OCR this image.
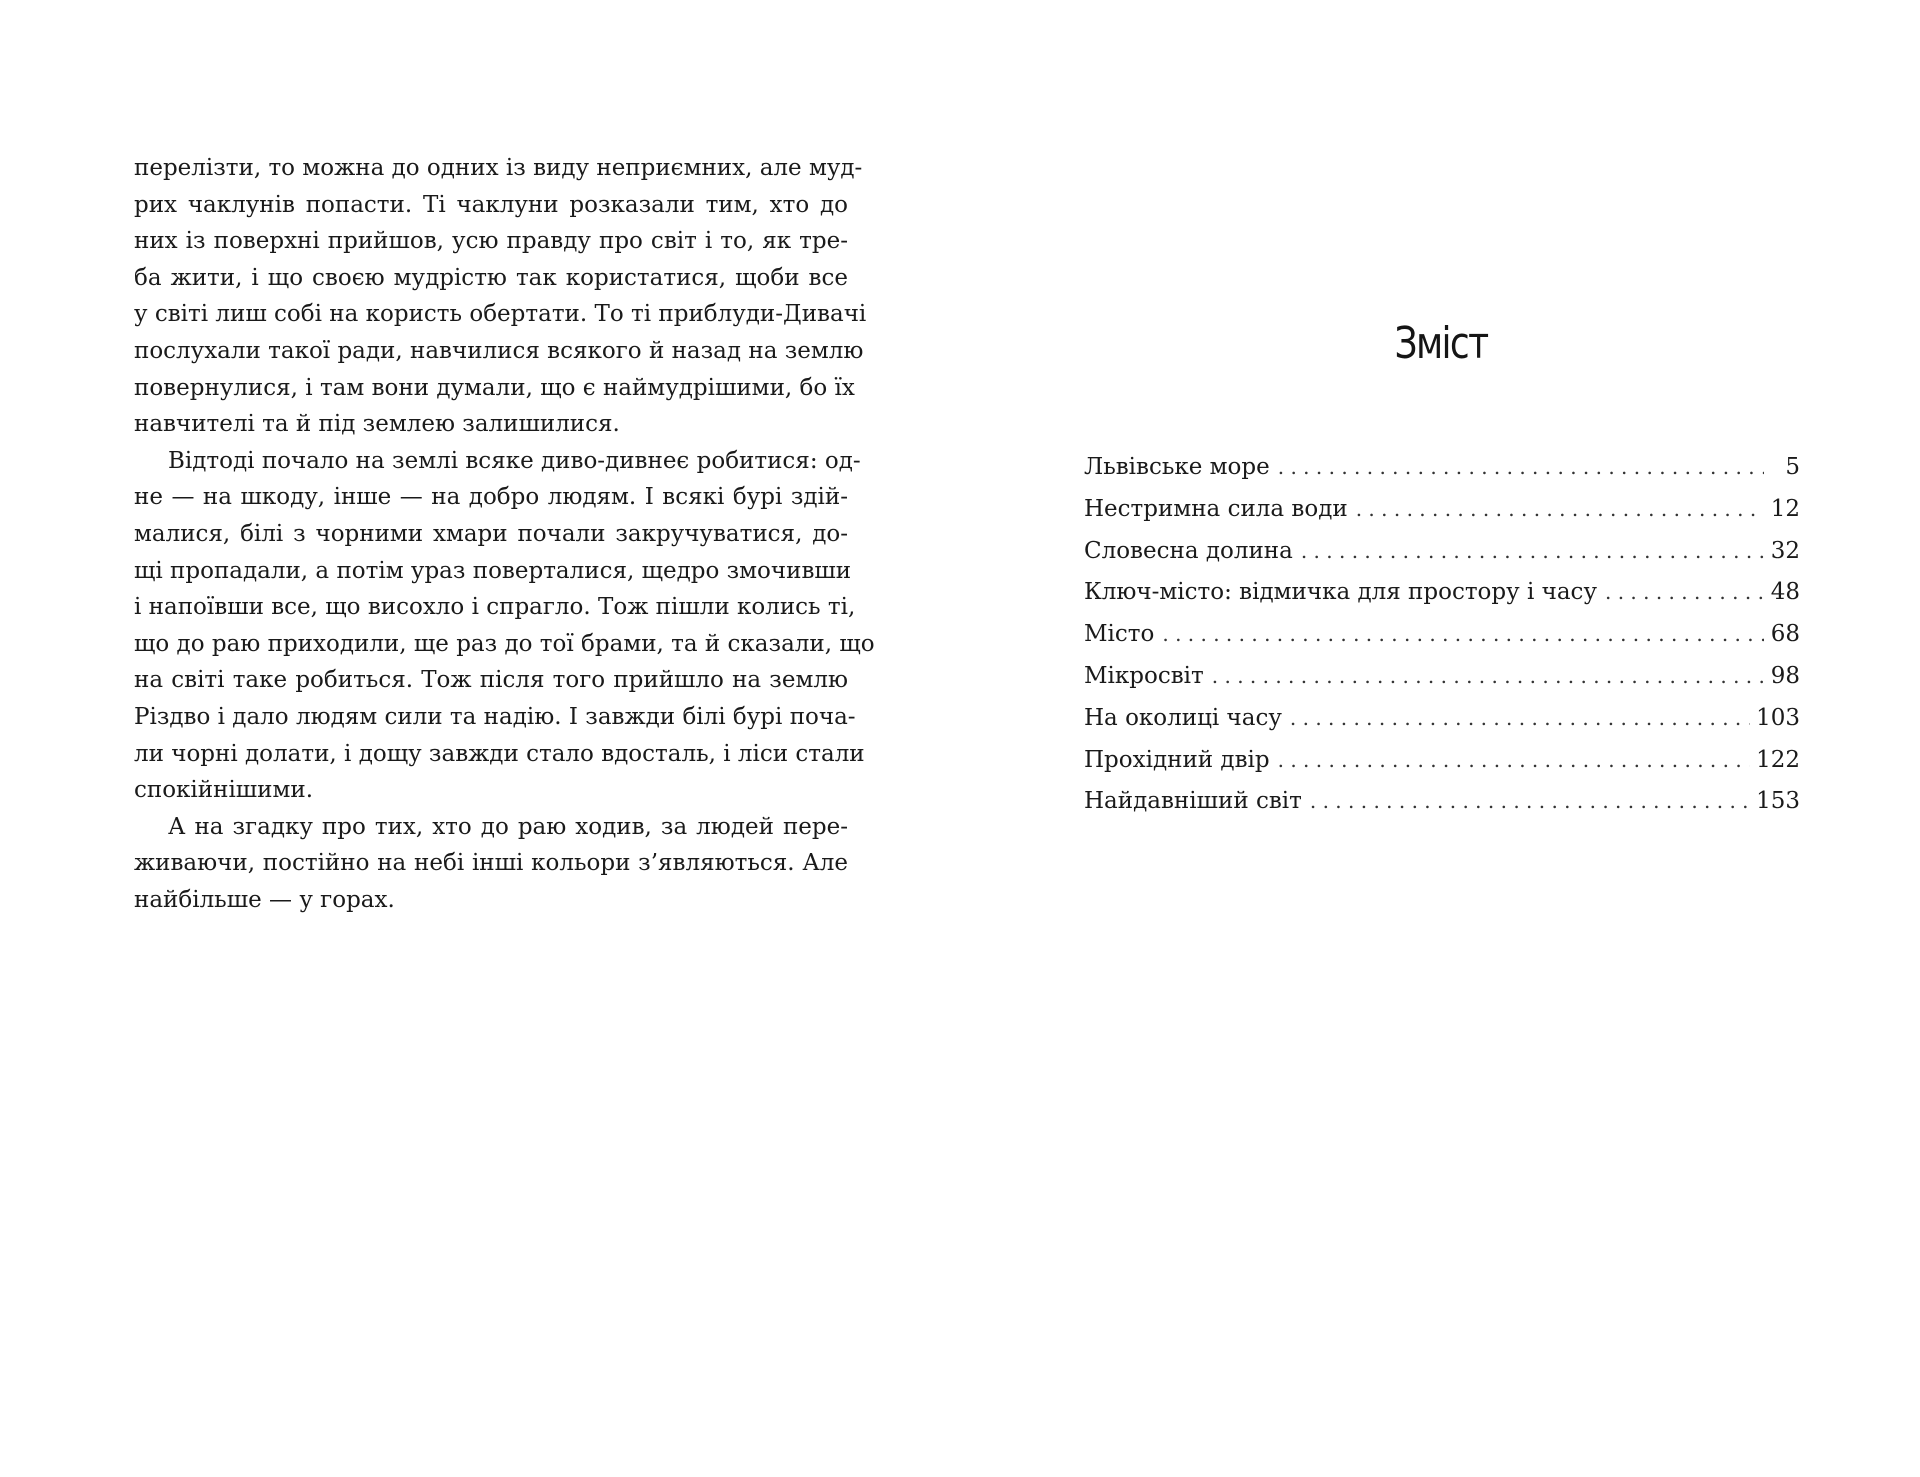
перелізти, то можна до одних із виду неприємних, але муд-
рих чаклунів попасти. Ті чаклуни розказали тим, хто до
них із поверхні прийшов, усю правду про світ і то, як тре-
ба жити, і що своєю мудрістю так користатися, щоби все
у світі лиш собі на користь обертати. То ті приблуди-Дивачі
послухали такої ради, навчилися всякого й назад на землю
повернулися, і там вони думали, що є наймудрішими, бо їх
навчителі та й під землею залишилися.
Відтоді почало на землі всяке диво-дивнеє робитися: од-
не — на шкоду, інше — на добро людям. І всякі бурі здій-
малися, білі з чорними хмари почали закручуватися, до-
щі пропадали, а потім ураз поверталися, щедро змочивши
і напоївши все, що висохло і спрагло. Тож пішли колись ті,
що до раю приходили, ще раз до тої брами, та й сказали, що
на світі таке робиться. Тож після того прийшло на землю
Різдво і дало людям сили та надію. І завжди білі бурі поча-
ли чорні долати, і дощу завжди стало вдосталь, і ліси стали
спокійнішими.
А на згадку про тих, хто до раю ходив, за людей пере-
живаючи, постійно на небі інші кольори з’являються. Але
найбільше — у горах.
Зміст
Львівське море . . .	5
Нестримна сила води . . .	12
Словесна долина . . .	32
Ключ-місто: відмичка для простору і часу . . .	48
Місто . . .	68
Мікросвіт . . .	98
На околиці часу . . .	103
Прохідний двір . . .	122
Найдавніший світ . . .	153
